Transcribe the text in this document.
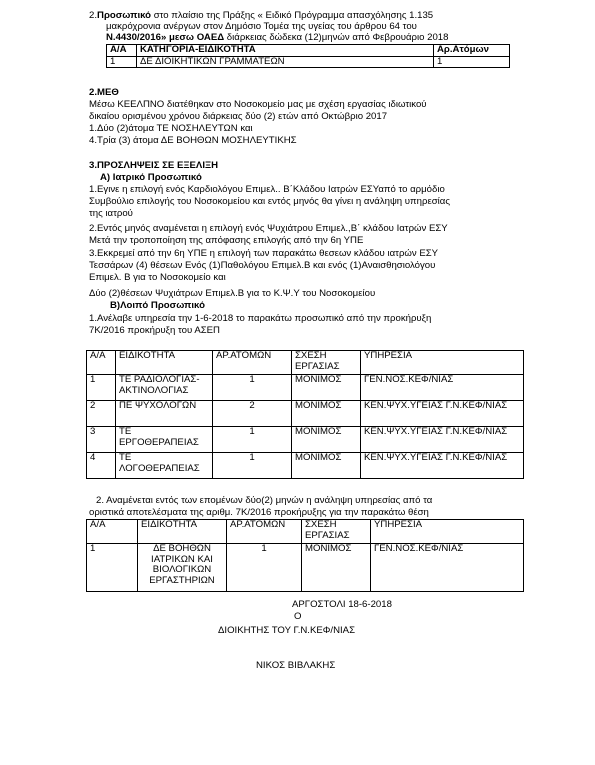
2.Προσωπικό στο πλαίσιο της Πράξης « Ειδικό Πρόγραμμα απασχόλησης 1.135
μακρόχρονια ανέργων στον Δημόσιο Τομέα της υγείας του άρθρου 64 του
Ν.4430/2016» μεσω ΟΑΕΔ διάρκειας δώδεκα (12)μηνών από Φεβρουάριο 2018
Α/Α	ΚΑΤΗΓΟΡΙΑ-ΕΙΔΙΚΟΤΗΤΑ	Αρ.Ατόμων
1	ΔΕ ΔΙΟΙΚΗΤΙΚΩΝ ΓΡΑΜΜΑΤΕΩΝ	1
2.ΜΕΘ
Μέσω ΚΕΕΛΠΝΟ διατέθηκαν στο Νοσοκομείο μας με σχέση εργασίας ιδιωτικού
δικαίου ορισμένου χρόνου διάρκειας δύο (2) ετών από Οκτώβριο 2017
1.Δύο (2)άτομα ΤΕ ΝΟΣΗΛΕΥΤΩΝ και
4.Τρία (3) άτομα ΔΕ ΒΟΗΘΩΝ ΜΟΣΗΛΕΥΤΙΚΗΣ
3.ΠΡΟΣΛΗΨΕΙΣ ΣΕ ΕΞΕΛΙΞΗ
Α) Ιατρικό Προσωπικό
1.Εγινε η επιλογή ενός Καρδιολόγου Επιμελ.. Β΄Κλάδου Ιατρών ΕΣΥαπό το αρμόδιο
Συμβούλιο επιλογής του Νοσοκομείου και εντός μηνός θα γίνει η ανάληψη υπηρεσίας
της ιατρού
2.Εντός μηνός αναμένεται η επιλογή ενός Ψυχιάτρου Επιμελ.,Β΄ κλάδου Ιατρών ΕΣΥ
Μετά την τροποποίηση της απόφασης επιλογής από την 6η ΥΠΕ
3.Εκκρεμεί από την 6η ΥΠΕ η επιλογή των παρακάτω θεσεων κλάδου ιατρών ΕΣΥ
Τεσσάρων (4) θέσεων Ενός (1)Παθολόγου Επιμελ.Β και ενός (1)Αναισθησιολόγου
Επιμελ. Β για το Νοσοκομείο και
Δύο (2)θέσεων Ψυχιάτρων Επιμελ.Β για το Κ.Ψ.Υ του Νοσοκομείου
Β)Λοιπό Προσωπικό
1.Ανέλαβε υπηρεσία την 1-6-2018 το παρακάτω προσωπικό από την προκήρυξη
7Κ/2016 προκήρυξη του ΑΣΕΠ
Α/Α	ΕΙΔΙΚΟΤΗΤΑ	ΑΡ.ΑΤΟΜΩΝ	ΣΧΕΣΗ ΕΡΓΑΣΙΑΣ	ΥΠΗΡΕΣΙΑ
1	ΤΕ ΡΑΔΙΟΛΟΓΙΑΣ-ΑΚΤΙΝΟΛΟΓΙΑΣ	1	ΜΟΝΙΜΟΣ	ΓΕΝ.ΝΟΣ.ΚΕΦ/ΝΙΑΣ
2	ΠΕ ΨΥΧΟΛΟΓΩΝ	2	ΜΟΝΙΜΟΣ	ΚΕΝ.ΨΥΧ.ΥΓΕΙΑΣ Γ.Ν.ΚΕΦ/ΝΙΑΣ
3	ΤΕ ΕΡΓΟΘΕΡΑΠΕΙΑΣ	1	ΜΟΝΙΜΟΣ	ΚΕΝ.ΨΥΧ.ΥΓΕΙΑΣ Γ.Ν.ΚΕΦ/ΝΙΑΣ
4	ΤΕ ΛΟΓΟΘΕΡΑΠΕΙΑΣ	1	ΜΟΝΙΜΟΣ	ΚΕΝ.ΨΥΧ.ΥΓΕΙΑΣ Γ.Ν.ΚΕΦ/ΝΙΑΣ
2. Αναμένεται εντός των επομένων δύο(2) μηνών η ανάληψη υπηρεσίας από τα
οριστικά αποτελέσματα της αριθμ. 7Κ/2016 προκήρυξης για την παρακάτω θέση
Α/Α	ΕΙΔΙΚΟΤΗΤΑ	ΑΡ.ΑΤΟΜΩΝ	ΣΧΕΣΗ ΕΡΓΑΣΙΑΣ	ΥΠΗΡΕΣΙΑ
1	ΔΕ ΒΟΗΘΩΝ ΙΑΤΡΙΚΩΝ ΚΑΙ ΒΙΟΛΟΓΙΚΩΝ ΕΡΓΑΣΤΗΡΙΩΝ	1	ΜΟΝΙΜΟΣ	ΓΕΝ.ΝΟΣ.ΚΕΦ/ΝΙΑΣ
ΑΡΓΟΣΤΟΛΙ 18-6-2018
Ο
ΔΙΟΙΚΗΤΗΣ ΤΟΥ Γ.Ν.ΚΕΦ/ΝΙΑΣ
ΝΙΚΟΣ ΒΙΒΛΑΚΗΣ
